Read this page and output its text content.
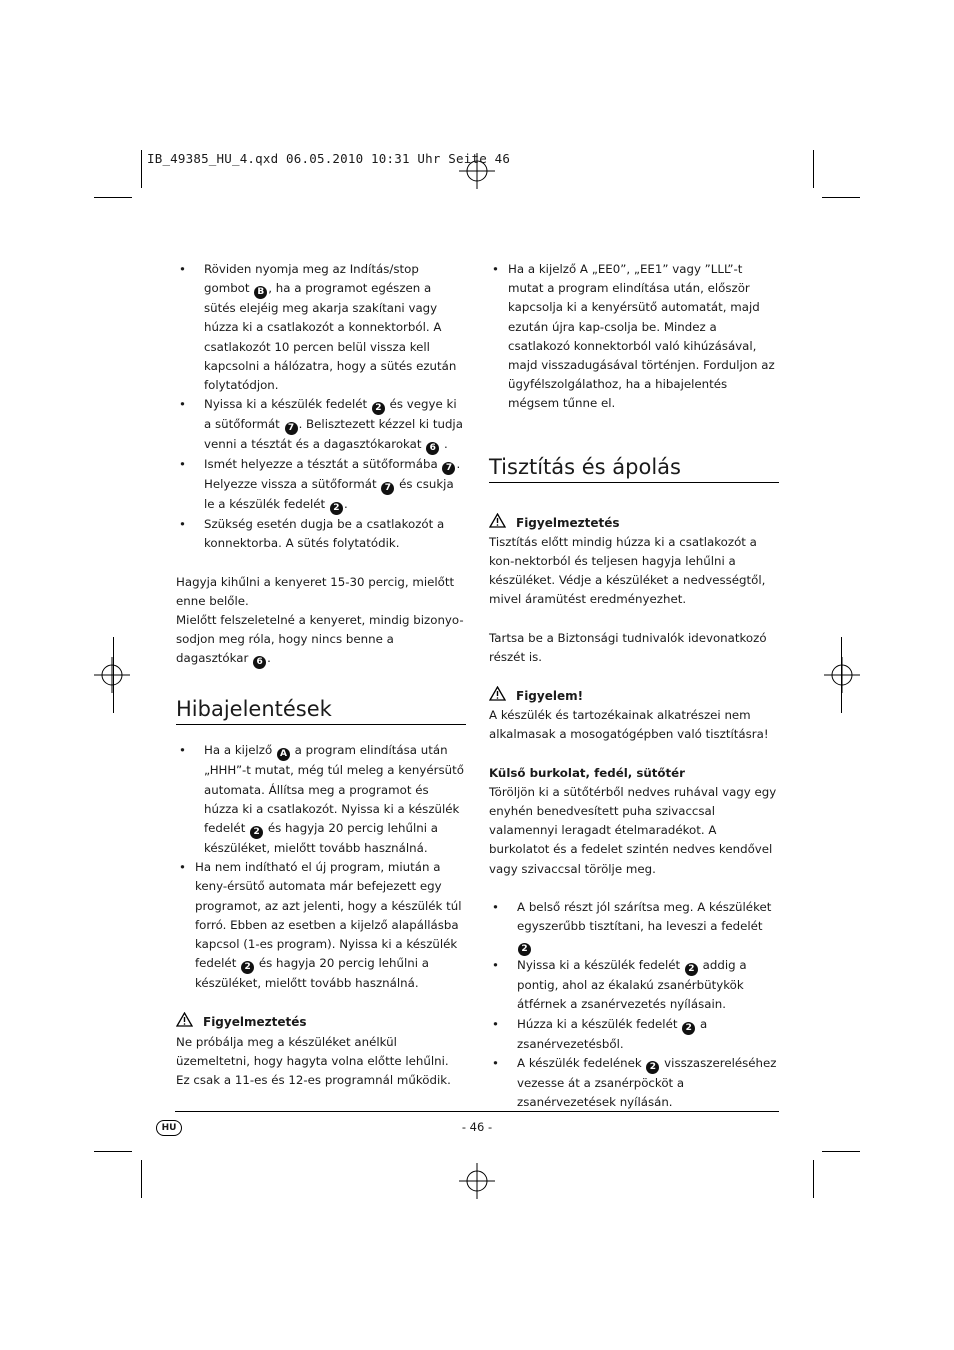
IB_49385_HU_4.qxd 06.05.2010 10:31 Uhr Seite 46
• Röviden nyomja meg az Indítás/stop gombot B , ha a programot egészen a sütés elejéig meg akarja szakítani vagy húzza ki a csatlakozót a konnektorból. A csatlakozót 10 percen belül vissza kell kapcsolni a hálózatra, hogy a sütés ezután folytatódjon.
• Nyissa ki a készülék fedelét 2 és vegye ki a sütőformát 7 . Belisztezett kézzel ki tudja venni a tésztát és a dagasztókarokat 6 .
• Ismét helyezze a tésztát a sütőformába 7 . Helyezze vissza a sütőformát 7 és csukja le a készülék fedelét 2 .
• Szükség esetén dugja be a csatlakozót a konnektorba. A sütés folytatódik.

Hagyja kihűlni a kenyeret 15-30 percig, mielőtt enne belőle.

Mielőtt felszeletelné a kenyeret, mindig bizonyo-sodjon meg róla, hogy nincs benne a dagasztókar 6 .

Hibajelentések
• Ha a kijelző A a program elindítása után „HHH”-t mutat, még túl meleg a kenyérsütő automata. Állítsa meg a programot és húzza ki a csatlakozót. Nyissa ki a készülék fedelét 2 és hagyja 20 percig lehűlni a készüléket, mielőtt tovább használná.
• Ha nem indítható el új program, miután a keny-érsütő automata már befejezett egy programot, az azt jelenti, hogy a készülék túl forró. Ebben az esetben a kijelző alapállásba kapcsol (1-es program). Nyissa ki a készülék fedelét 2 és hagyja 20 percig lehűlni a készüléket, mielőtt tovább használná.

Figyelmeztetés

Ne próbálja meg a készüléket anélkül üzemeltetni, hogy hagyta volna előtte lehűlni.

Ez csak a 11-es és 12-es programnál működik.

• Ha a kijelző A „EE0”, „EE1” vagy ”LLL”-t mutat a program elindítása után, először kapcsolja ki a kenyérsütő automatát, majd ezután újra kap-csolja be. Mindez a csatlakozó konnektorból való kihúzásával, majd visszadugásával történjen. Forduljon az ügyfélszolgálathoz, ha a hibajelentés mégsem tűnne el.
Tisztítás és ápolás

Figyelmeztetés

Tisztítás előtt mindig húzza ki a csatlakozót a kon-nektorból és teljesen hagyja lehűlni a készüléket. Védje a készüléket a nedvességtől, mivel áramütést eredményezhet.

Tartsa be a Biztonsági tudnivalók idevonatkozó részét is.

Figyelem!

A készülék és tartozékainak alkatrészei nem alkalmasak a mosogatógépben való tisztításra!

Külső burkolat, fedél, sütőtér

Töröljön ki a sütőtérből nedves ruhával vagy egy enyhén benedvesített puha szivaccsal valamennyi leragadt ételmaradékot. A burkolatot és a fedelet szintén nedves kendővel vagy szivaccsal törölje meg.

• A belső részt jól szárítsa meg. A készüléket egyszerűbb tisztítani, ha leveszi a fedelét 2
• Nyissa ki a készülék fedelét 2 addig a pontig, ahol az ékalakú zsanérbütykök átférnek a zsanérvezetés nyílásain.
• Húzza ki a készülék fedelét 2 a zsanérvezetésből.
• A készülék fedelének 2 visszaszereléséhez vezesse át a zsanérpöcköt a zsanérvezetések nyílásán.
HU	- 46 -
